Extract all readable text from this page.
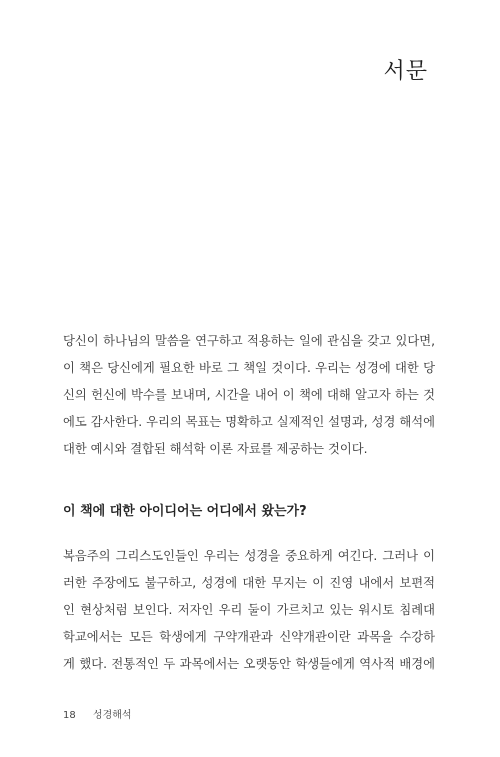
서문
당신이 하나님의 말씀을 연구하고 적용하는 일에 관심을 갖고 있다면,
이 책은 당신에게 필요한 바로 그 책일 것이다. 우리는 성경에 대한 당
신의 헌신에 박수를 보내며, 시간을 내어 이 책에 대해 알고자 하는 것
에도 감사한다. 우리의 목표는 명확하고 실제적인 설명과, 성경 해석에
대한 예시와 결합된 해석학 이론 자료를 제공하는 것이다.
이 책에 대한 아이디어는 어디에서 왔는가?
복음주의 그리스도인들인 우리는 성경을 중요하게 여긴다. 그러나 이
러한 주장에도 불구하고, 성경에 대한 무지는 이 진영 내에서 보편적
인 현상처럼 보인다. 저자인 우리 둘이 가르치고 있는 워시토 침례대
학교에서는 모든 학생에게 구약개관과 신약개관이란 과목을 수강하
게 했다. 전통적인 두 과목에서는 오랫동안 학생들에게 역사적 배경에
18 성경해석
